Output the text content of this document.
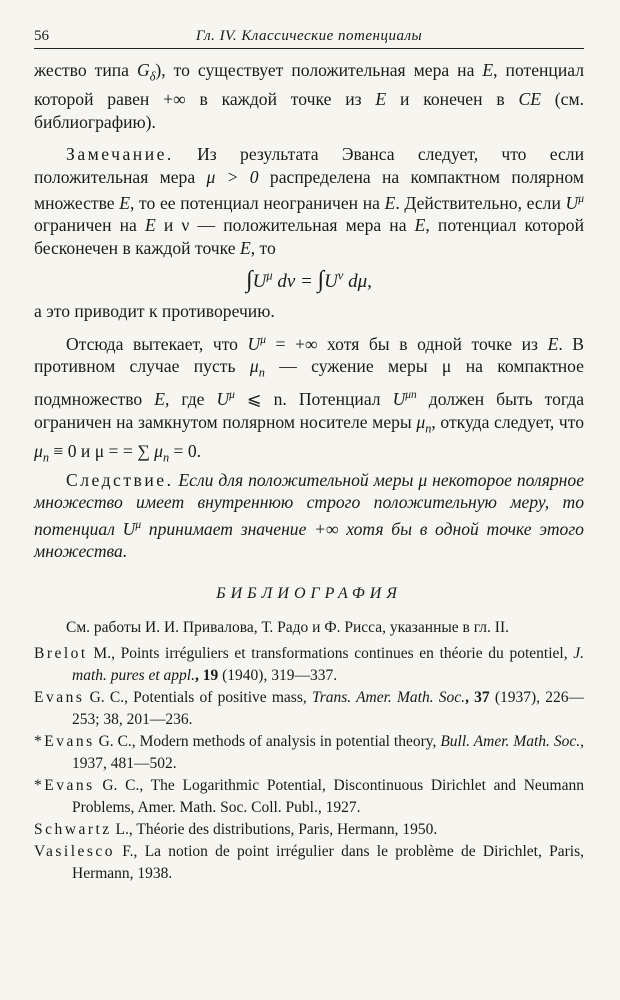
56	Гл. IV. Классические потенциалы

жество типа $G_\delta$), то существует положительная мера на E, потенциал которой равен +∞ в каждой точке из E и конечен в CE (см. библиографию).

Замечание. Из результата Эванса следует, что если положительная мера μ > 0 распределена на компактном полярном множестве E, то ее потенциал неограничен на E. Действительно, если $U^\mu$ ограничен на E и ν — положительная мера на E, потенциал которой бесконечен в каждой точке E, то

$\int U^\mu$ $d\nu = \int U^\nu$ dμ,

а это приводит к противоречию.

Отсюда вытекает, что $U^\mu$ = +∞ хотя бы в одной точке из E. В противном случае пусть $\mu_n$ — сужение меры μ на компактное подмножество E, где $U^\mu$ ⩽ n. Потенциал $U^{\mu n}$ должен быть тогда ограничен на замкнутом полярном носителе меры $\mu_n$, откуда следует, что $\mu_n \equiv 0$ и μ = = ∑ $\mu_n = 0$.

Следствие. Если для положительной меры μ некоторое полярное множество имеет внутреннюю строго положительную меру, то потенциал $U^\mu$ принимает значение +∞ хотя бы в одной точке этого множества.

БИБЛИОГРАФИЯ

См. работы И. И. Привалова, Т. Радо и Ф. Рисса, указанные в гл. II.

Brelot M., Points irréguliers et transformations continues en théorie du potentiel, J. math. pures et appl., 19 (1940), 319—337.

Evans G. C., Potentials of positive mass, Trans. Amer. Math. Soc., 37 (1937), 226—253; 38, 201—236.

*Evans G. C., Modern methods of analysis in potential theory, Bull. Amer. Math. Soc., 1937, 481—502.

*Evans G. C., The Logarithmic Potential, Discontinuous Dirichlet and Neumann Problems, Amer. Math. Soc. Coll. Publ., 1927.

Schwartz L., Théorie des distributions, Paris, Hermann, 1950.

Vasilesco F., La notion de point irrégulier dans le problème de Dirichlet, Paris, Hermann, 1938.
